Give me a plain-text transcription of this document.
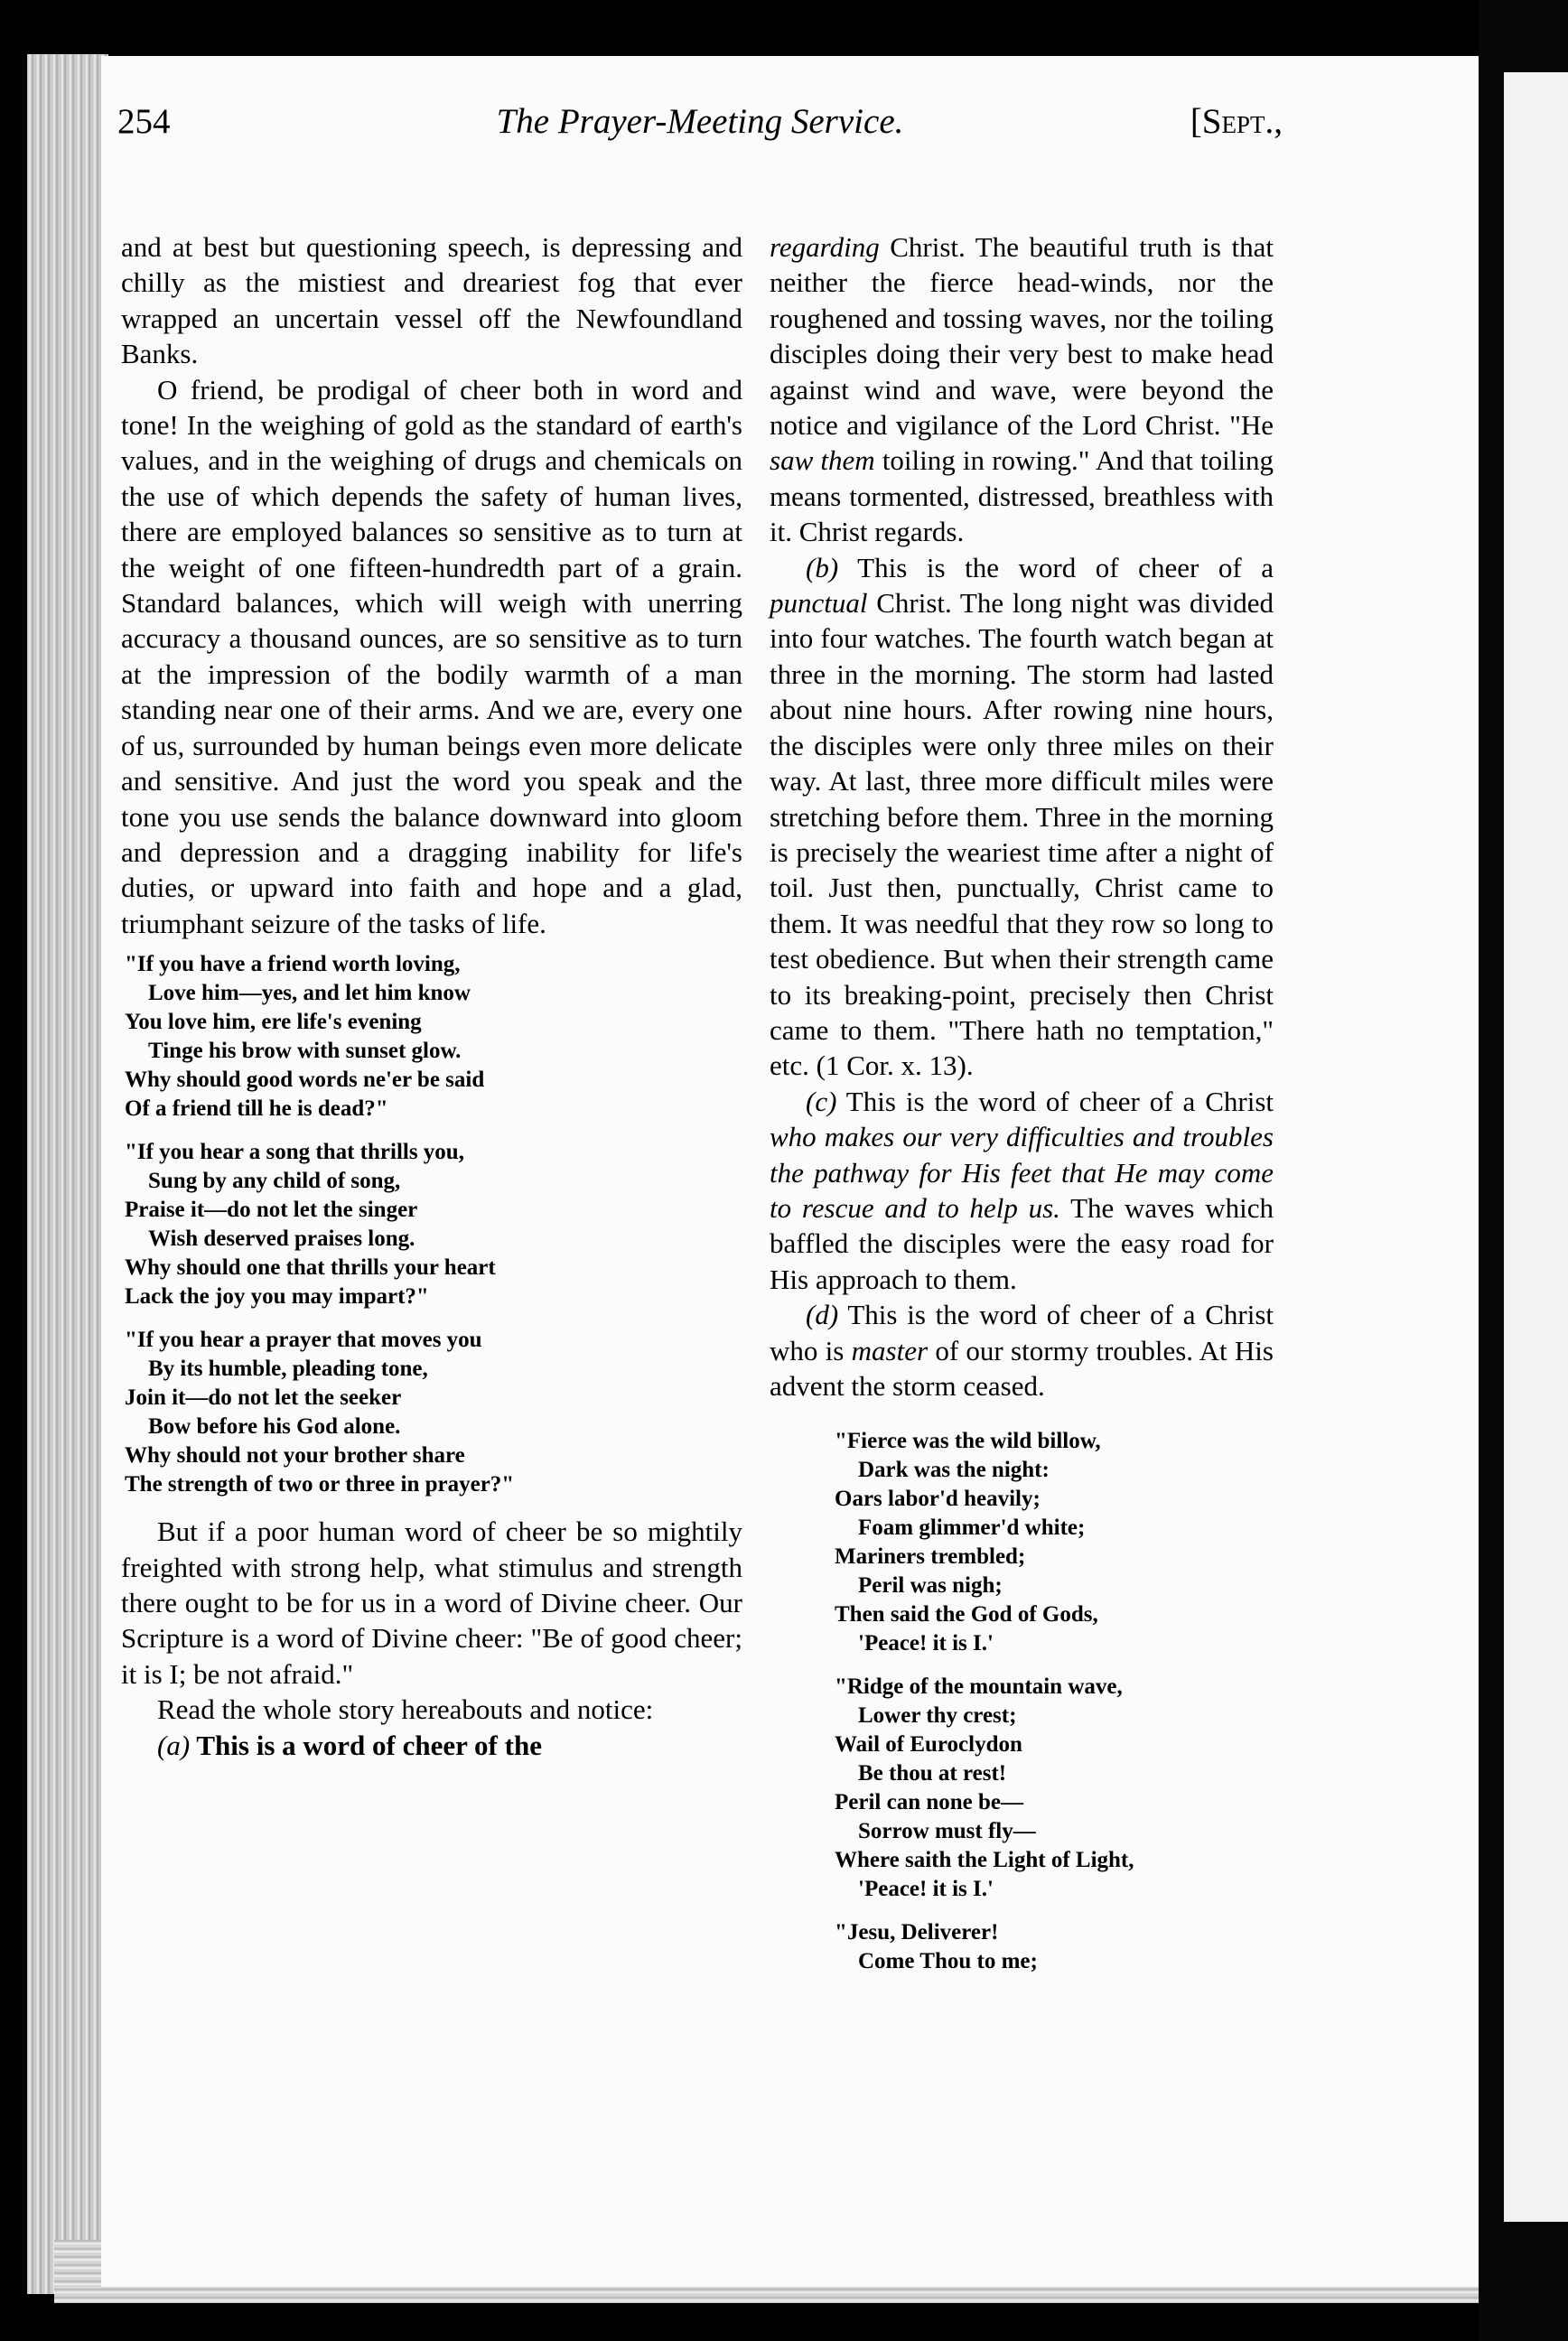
254	The Prayer-Meeting Service.	[Sept.,

and at best but questioning speech, is depressing and chilly as the mistiest and dreariest fog that ever wrapped an uncertain vessel off the Newfoundland Banks.

O friend, be prodigal of cheer both in word and tone! In the weighing of gold as the standard of earth's values, and in the weighing of drugs and chemicals on the use of which depends the safety of human lives, there are employed balances so sensitive as to turn at the weight of one fifteen-hundredth part of a grain. Standard balances, which will weigh with unerring accuracy a thousand ounces, are so sensitive as to turn at the impression of the bodily warmth of a man standing near one of their arms. And we are, every one of us, surrounded by human beings even more delicate and sensitive. And just the word you speak and the tone you use sends the balance downward into gloom and depression and a dragging inability for life's duties, or upward into faith and hope and a glad, triumphant seizure of the tasks of life.

"If you have a friend worth loving,
Love him—yes, and let him know
You love him, ere life's evening
Tinge his brow with sunset glow.
Why should good words ne'er be said
Of a friend till he is dead?"
"If you hear a song that thrills you,
Sung by any child of song,
Praise it—do not let the singer
Wish deserved praises long.
Why should one that thrills your heart
Lack the joy you may impart?"
"If you hear a prayer that moves you
By its humble, pleading tone,
Join it—do not let the seeker
Bow before his God alone.
Why should not your brother share
The strength of two or three in prayer?"

But if a poor human word of cheer be so mightily freighted with strong help, what stimulus and strength there ought to be for us in a word of Divine cheer. Our Scripture is a word of Divine cheer: "Be of good cheer; it is I; be not afraid."

Read the whole story hereabouts and notice:

(a) This is a word of cheer of the

regarding Christ. The beautiful truth is that neither the fierce head-winds, nor the roughened and tossing waves, nor the toiling disciples doing their very best to make head against wind and wave, were beyond the notice and vigilance of the Lord Christ. "He saw them toiling in rowing." And that toiling means tormented, distressed, breathless with it. Christ regards.

(b) This is the word of cheer of a punctual Christ. The long night was divided into four watches. The fourth watch began at three in the morning. The storm had lasted about nine hours. After rowing nine hours, the disciples were only three miles on their way. At last, three more difficult miles were stretching before them. Three in the morning is precisely the weariest time after a night of toil. Just then, punctually, Christ came to them. It was needful that they row so long to test obedience. But when their strength came to its breaking-point, precisely then Christ came to them. "There hath no temptation," etc. (1 Cor. x. 13).

(c) This is the word of cheer of a Christ who makes our very difficulties and troubles the pathway for His feet that He may come to rescue and to help us. The waves which baffled the disciples were the easy road for His approach to them.

(d) This is the word of cheer of a Christ who is master of our stormy troubles. At His advent the storm ceased.

"Fierce was the wild billow,
Dark was the night:
Oars labor'd heavily;
Foam glimmer'd white;
Mariners trembled;
Peril was nigh;
Then said the God of Gods,
'Peace! it is I.'
"Ridge of the mountain wave,
Lower thy crest;
Wail of Euroclydon
Be thou at rest!
Peril can none be—
Sorrow must fly—
Where saith the Light of Light,
'Peace! it is I.'
"Jesu, Deliverer!
Come Thou to me;
